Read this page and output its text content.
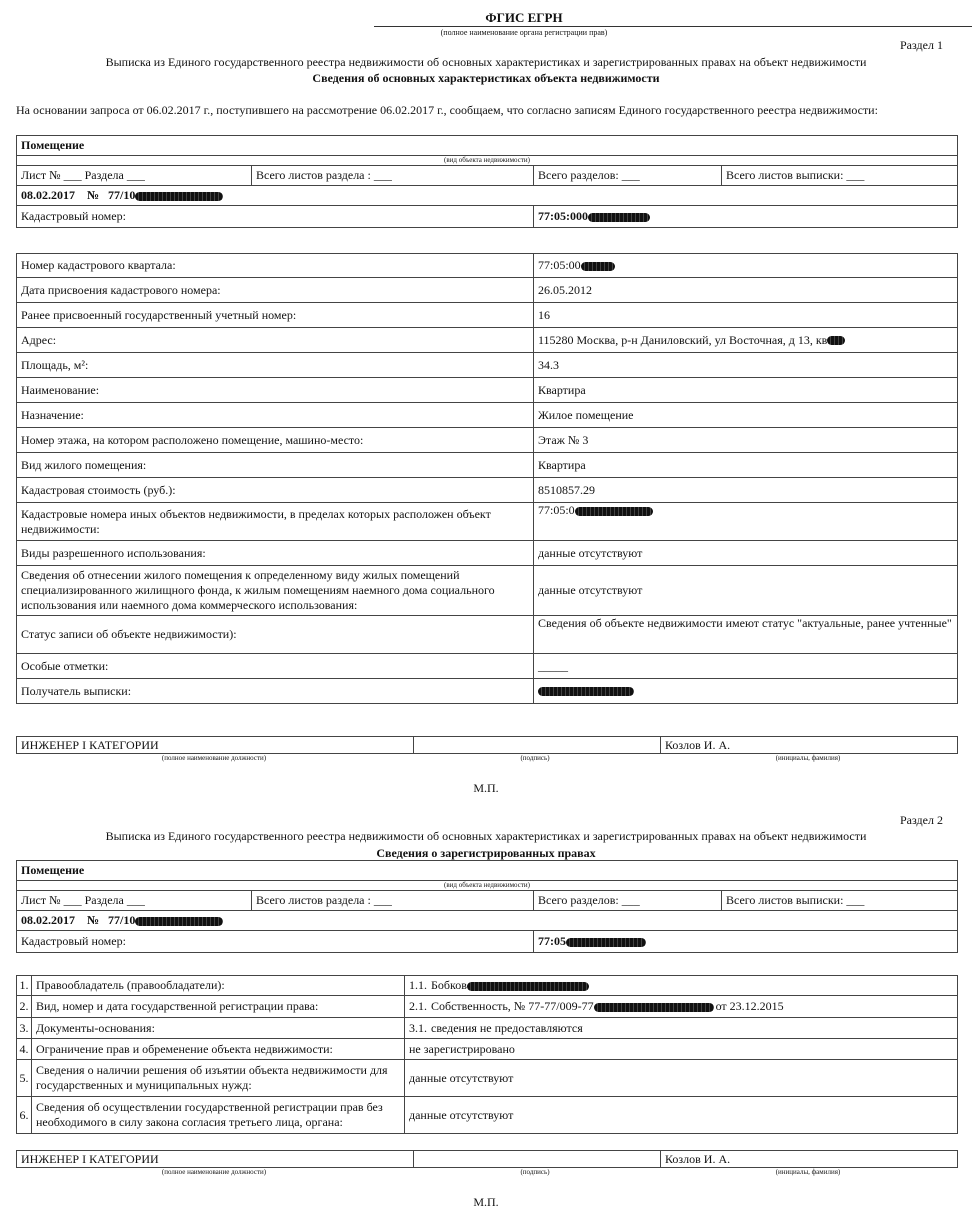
ФГИС ЕГРН
(полное наименование органа регистрации прав)
Раздел 1
Выписка из Единого государственного реестра недвижимости об основных характеристиках и зарегистрированных правах на объект недвижимости
Сведения об основных характеристиках объекта недвижимости
На основании запроса от 06.02.2017 г., поступившего на рассмотрение 06.02.2017 г., сообщаем, что согласно записям Единого государственного реестра недвижимости:
Помещение			
(вид объекта недвижимости)			
Лист № ___ Раздела ___	Всего листов раздела : ___	Всего разделов: ___	Всего листов выписки: ___
08.02.2017    №   77/10			
Кадастровый номер:		77:05:000	
Номер кадастрового квартала:	77:05:00
Дата присвоения кадастрового номера:	26.05.2012
Ранее присвоенный государственный учетный номер:	16
Адрес:	115280 Москва, р-н Даниловский, ул Восточная, д 13, кв
Площадь, м²:	34.3
Наименование:	Квартира
Назначение:	Жилое помещение
Номер этажа, на котором расположено помещение, машино-место:	Этаж № 3
Вид жилого помещения:	Квартира
Кадастровая стоимость (руб.):	8510857.29
Кадастровые номера иных объектов недвижимости, в пределах которых расположен объект недвижимости:	77:05:0
Виды разрешенного использования:	данные отсутствуют
Сведения об отнесении жилого помещения к определенному виду жилых помещений специализированного жилищного фонда, к жилым помещениям наемного дома социального использования или наемного дома коммерческого использования:	данные отсутствуют
Статус записи об объекте недвижимости):	Сведения об объекте недвижимости имеют статус "актуальные, ранее учтенные"
Особые отметки:	_____
Получатель выписки:	
ИНЖЕНЕР I КАТЕГОРИИ		Козлов И. А.
(полное наименование должности)	(подпись)	(инициалы, фамилия)
М.П.
Раздел 2
Выписка из Единого государственного реестра недвижимости об основных характеристиках и зарегистрированных правах на объект недвижимости
Сведения о зарегистрированных правах
Помещение			
(вид объекта недвижимости)			
Лист № ___ Раздела ___	Всего листов раздела : ___	Всего разделов: ___	Всего листов выписки: ___
08.02.2017    №   77/10			
Кадастровый номер:		77:05	
1.	Правообладатель (правообладатели):	1.1. Бобков
2.	Вид, номер и дата государственной регистрации права:	2.1. Собственность, № 77-77/009-77 от 23.12.2015
3.	Документы-основания:	3.1. сведения не предоставляются
4.	Ограничение прав и обременение объекта недвижимости:	не зарегистрировано
5.	Сведения о наличии решения об изъятии объекта недвижимости для государственных и муниципальных нужд:	данные отсутствуют
6.	Сведения об осуществлении государственной регистрации прав без необходимого в силу закона согласия третьего лица, органа:	данные отсутствуют
ИНЖЕНЕР I КАТЕГОРИИ		Козлов И. А.
(полное наименование должности)	(подпись)	(инициалы, фамилия)
М.П.
